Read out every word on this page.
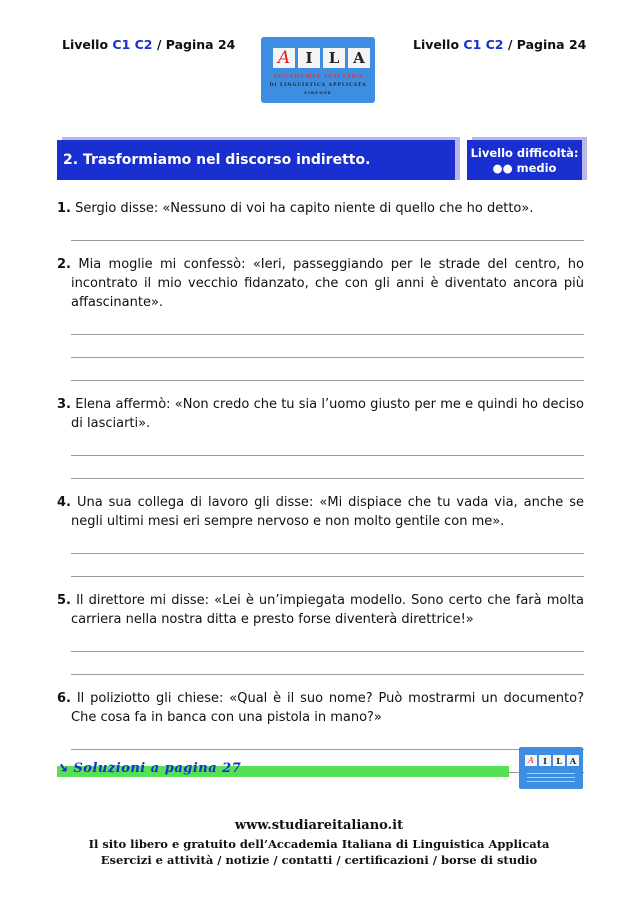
Livello C1 C2 / Pagina 24	Livello C1 C2 / Pagina 24
A	I	L A
ACCADEMIA ITALIANA
DI LINGUISTICA APPLICATA
FIRENZE
2. Trasformiamo nel discorso indiretto.	Livello difficoltà:
●● medio
1. Sergio disse: «Nessuno di voi ha capito niente di quello che ho detto».
2. Mia moglie mi confessò: «Ieri, passeggiando per le strade del centro, ho incontrato il mio vecchio fidanzato, che con gli anni è diventato ancora più affascinante».
3. Elena affermò: «Non credo che tu sia l’uomo giusto per me e quindi ho deciso di lasciarti».
4. Una sua collega di lavoro gli disse: «Mi dispiace che tu vada via, anche se negli ultimi mesi eri sempre nervoso e non molto gentile con me».
5. Il direttore mi disse: «Lei è un’impiegata modello. Sono certo che farà molta carriera nella nostra ditta e presto forse diventerà direttrice!»
6. Il poliziotto gli chiese: «Qual è il suo nome? Può mostrarmi un documento? Che cosa fa in banca con una pistola in mano?»
➘ Soluzioni a pagina 27
A	I	L	A
www.studiareitaliano.it
Il sito libero e gratuito dell’Accademia Italiana di Linguistica Applicata
Esercizi e attività / notizie / contatti / certificazioni / borse di studio
